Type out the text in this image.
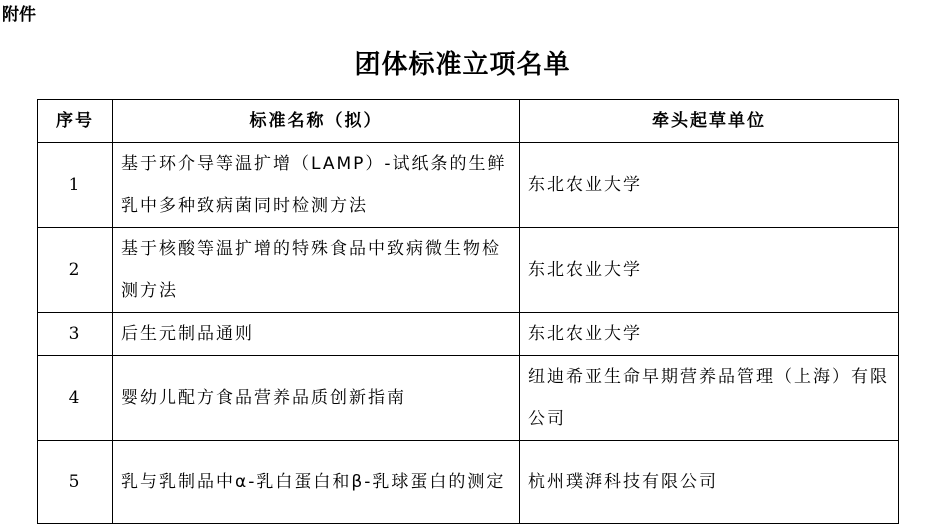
附件
团体标准立项名单
序号	标准名称（拟）	牵头起草单位
1	基于环介导等温扩增（LAMP）-试纸条的生鲜乳中多种致病菌同时检测方法	东北农业大学
2	基于核酸等温扩增的特殊食品中致病微生物检测方法	东北农业大学
3	后生元制品通则	东北农业大学
4	婴幼儿配方食品营养品质创新指南	纽迪希亚生命早期营养品管理（上海）有限公司
5	乳与乳制品中α-乳白蛋白和β-乳球蛋白的测定	杭州璞湃科技有限公司
